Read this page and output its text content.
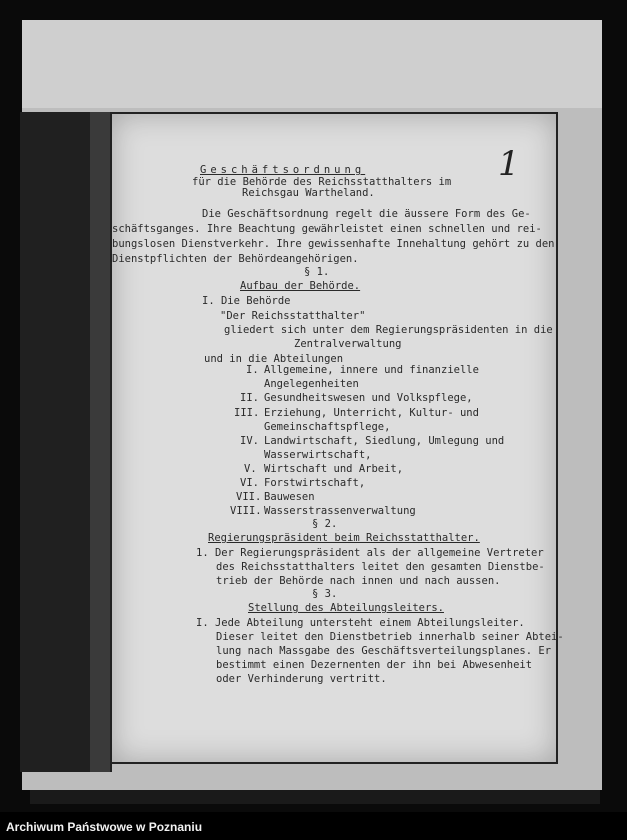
1
Geschäftsordnung
für die Behörde des Reichsstatthalters im
Reichsgau Wartheland.
Die Geschäftsordnung regelt die äussere Form des Ge-
schäftsganges. Ihre Beachtung gewährleistet einen schnellen und rei-
bungslosen Dienstverkehr. Ihre gewissenhafte Innehaltung gehört zu den
Dienstpflichten der Behördeangehörigen.
§ 1.
Aufbau der Behörde.
I. Die Behörde
"Der Reichsstatthalter"
gliedert sich unter dem Regierungspräsidenten in die
Zentralverwaltung
und in die Abteilungen
I. Allgemeine, innere und finanzielle
Angelegenheiten
II. Gesundheitswesen und Volkspflege,
III. Erziehung, Unterricht, Kultur- und
Gemeinschaftspflege,
IV. Landwirtschaft, Siedlung, Umlegung und
Wasserwirtschaft,
V. Wirtschaft und Arbeit,
VI. Forstwirtschaft,
VII. Bauwesen
VIII. Wasserstrassenverwaltung
§ 2.
Regierungspräsident beim Reichsstatthalter.
1. Der Regierungspräsident als der allgemeine Vertreter
des Reichsstatthalters leitet den gesamten Dienstbe-
trieb der Behörde nach innen und nach aussen.
§ 3.
Stellung des Abteilungsleiters.
I. Jede Abteilung untersteht einem Abteilungsleiter.
Dieser leitet den Dienstbetrieb innerhalb seiner Abtei-
lung nach Massgabe des Geschäftsverteilungsplanes. Er
bestimmt einen Dezernenten der ihn bei Abwesenheit
oder Verhinderung vertritt.
Archiwum Państwowe w Poznaniu
